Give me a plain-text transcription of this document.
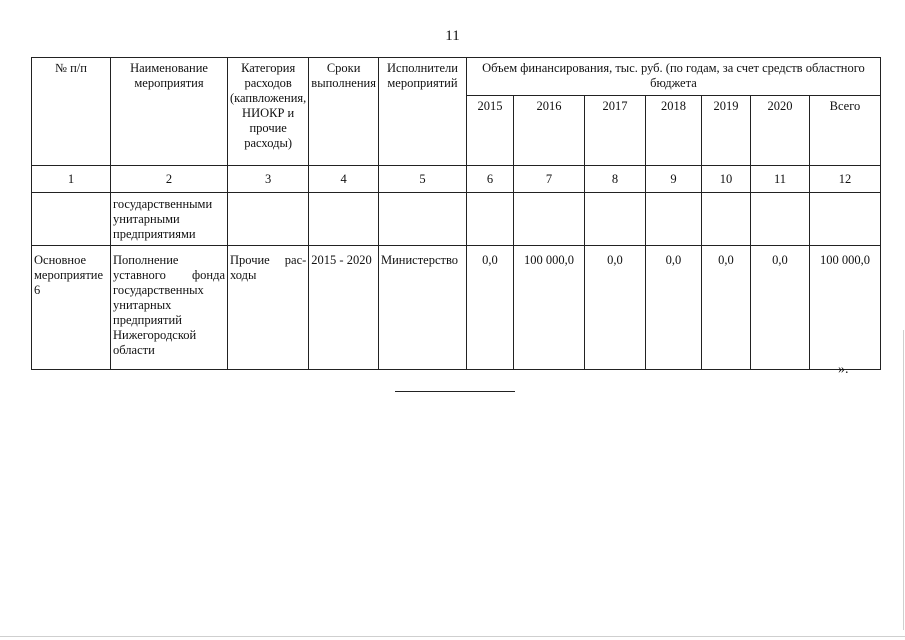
11
№ п/п	Наименование мероприятия	Категория расходов (капвложения, НИОКР и прочие расходы)	Сроки выполнения	Исполнители мероприятий	Объем финансирования, тыс. руб. (по годам, за счет средств областного бюджета						
					2015	2016	2017	2018	2019	2020	Всего
1	2	3	4	5	6	7	8	9	10	11	12
	государственными унитарными предприятиями										
Основное мероприятие 6	Пополнение уставного фонда государственных унитарных предприятий Нижегородской области	Прочие рас- ходы	2015 - 2020	Министерство	0,0	100 000,0	0,0	0,0	0,0	0,0	100 000,0
».
